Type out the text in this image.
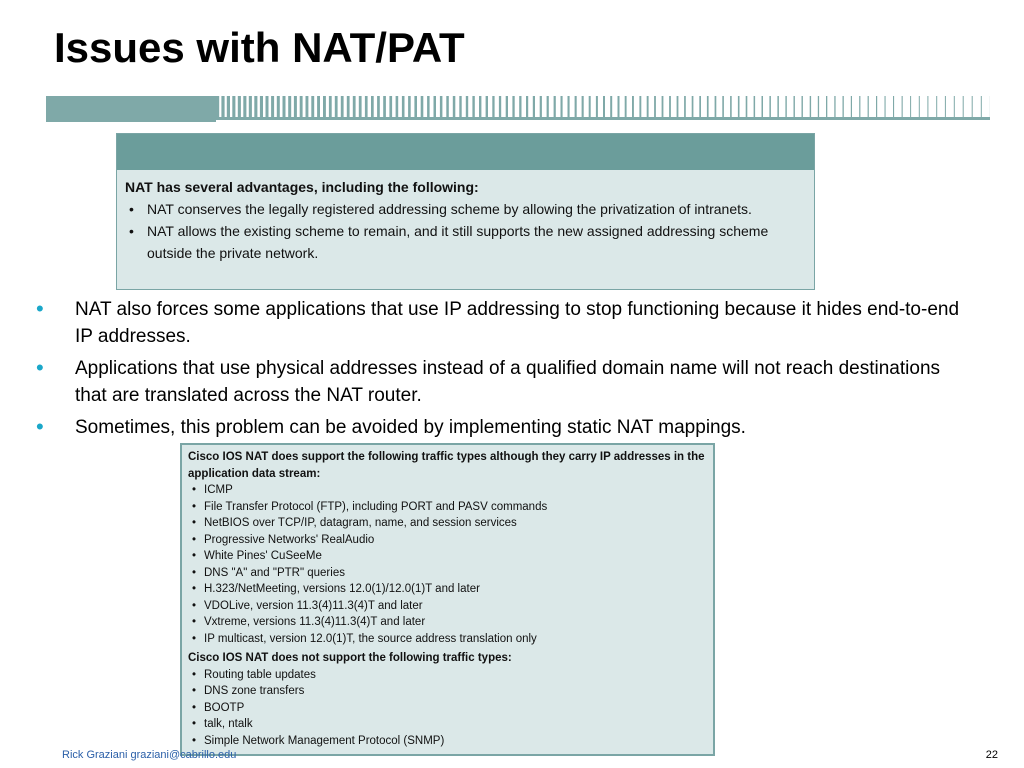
Issues with NAT/PAT
NAT has several advantages, including the following:
• NAT conserves the legally registered addressing scheme by allowing the privatization of intranets.
• NAT allows the existing scheme to remain, and it still supports the new assigned addressing scheme outside the private network.
• NAT also forces some applications that use IP addressing to stop functioning because it hides end-to-end IP addresses.
• Applications that use physical addresses instead of a qualified domain name will not reach destinations that are translated across the NAT router.
• Sometimes, this problem can be avoided by implementing static NAT mappings.
Cisco IOS NAT does support the following traffic types although they carry IP addresses in the application data stream:
• ICMP
• File Transfer Protocol (FTP), including PORT and PASV commands
• NetBIOS over TCP/IP, datagram, name, and session services
• Progressive Networks' RealAudio
• White Pines' CuSeeMe
• DNS "A" and "PTR" queries
• H.323/NetMeeting, versions 12.0(1)/12.0(1)T and later
• VDOLive, version 11.3(4)11.3(4)T and later
• Vxtreme, versions 11.3(4)11.3(4)T and later
• IP multicast, version 12.0(1)T, the source address translation only
Cisco IOS NAT does not support the following traffic types:
• Routing table updates
• DNS zone transfers
• BOOTP
• talk, ntalk
• Simple Network Management Protocol (SNMP)
Rick Graziani graziani@cabrillo.edu	22
